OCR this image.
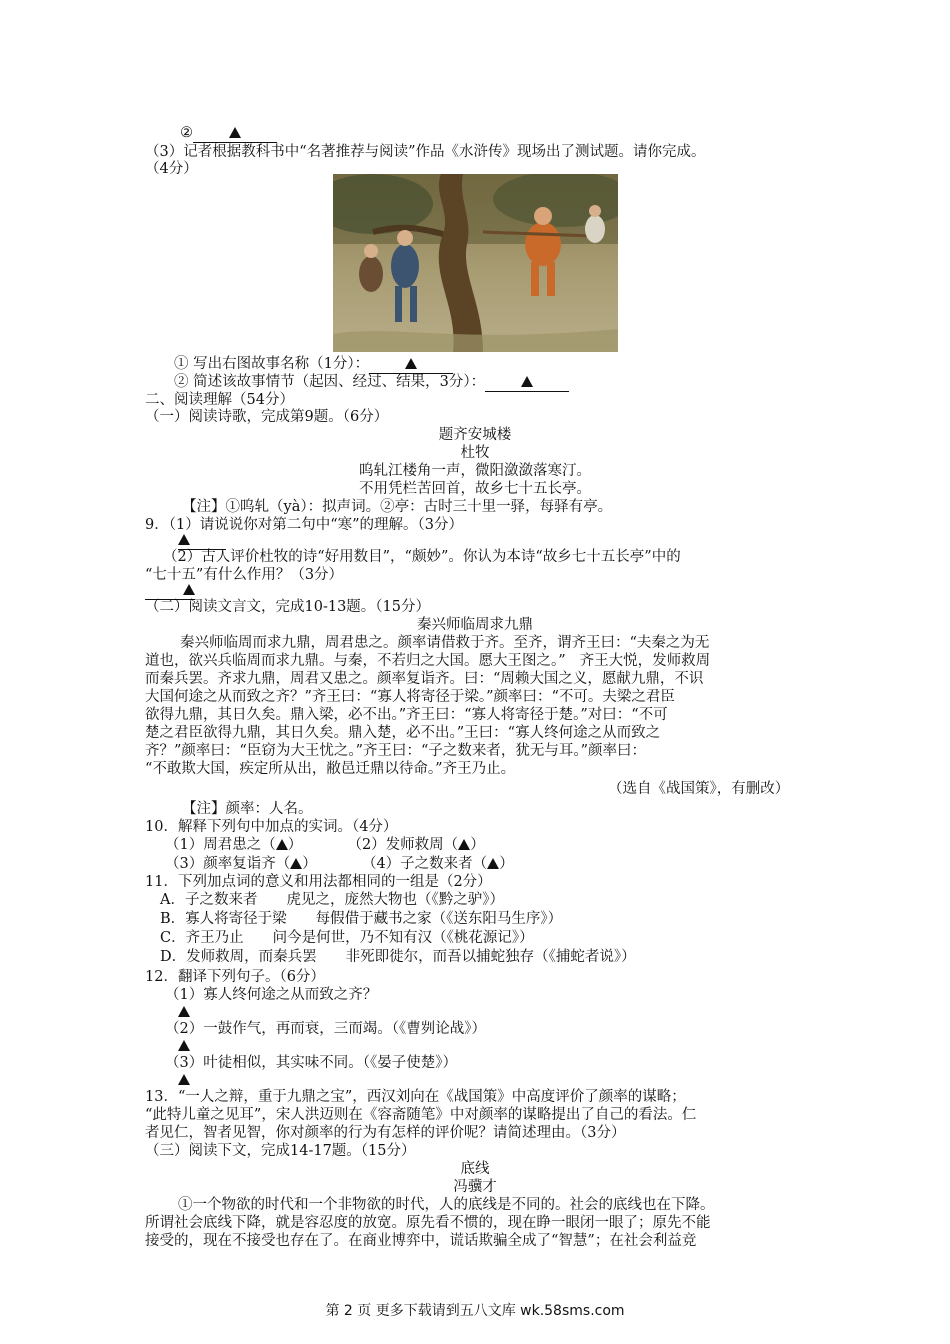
②
（3）记者根据教科书中“名著推荐与阅读”作品《水浒传》现场出了测试题。请你完成。
（4分）
① 写出右图故事名称（1分）：
② 简述该故事情节（起因、经过、结果，3分）：
二、阅读理解（54分）
（一）阅读诗歌，完成第9题。（6分）
题齐安城楼
杜牧
呜轧江楼角一声，微阳潋潋落寒汀。
不用凭栏苦回首，故乡七十五长亭。
【注】①呜轧（yà）：拟声词。②亭：古时三十里一驿，每驿有亭。
9．（1）请说说你对第二句中“寒”的理解。（3分）
（2）古人评价杜牧的诗“好用数目”，“颇妙”。你认为本诗“故乡七十五长亭”中的
“七十五”有什么作用？（3分）
（二）阅读文言文，完成10-13题。（15分）
秦兴师临周求九鼎
秦兴师临周而求九鼎，周君患之。颜率请借救于齐。至齐，谓齐王曰：“夫秦之为无
道也，欲兴兵临周而求九鼎。与秦，不若归之大国。愿大王图之。” 齐王大悦，发师救周
而秦兵罢。齐求九鼎，周君又患之。颜率复诣齐。曰：“周赖大国之义，愿献九鼎，不识
大国何途之从而致之齐？”齐王曰：“寡人将寄径于梁。”颜率曰：“不可。夫梁之君臣
欲得九鼎，其日久矣。鼎入梁，必不出。”齐王曰：“寡人将寄径于楚。”对曰：“不可
楚之君臣欲得九鼎，其日久矣。鼎入楚，必不出。”王曰：“寡人终何途之从而致之
齐？”颜率曰：“臣窃为大王忧之。”齐王曰：“子之数来者，犹无与耳。”颜率曰：
“不敢欺大国，疾定所从出，敝邑迁鼎以待命。”齐王乃止。
（选自《战国策》，有删改）
【注】颜率：人名。
10．解释下列句中加点的实词。（4分）
（1）周君患之（ ）	（2）发师救周（ ）
（3）颜率复诣齐（ ）	（4）子之数来者（ ）
11．下列加点词的意义和用法都相同的一组是（2分）
A．子之数来者　　虎见之，庞然大物也（《黔之驴》）
B．寡人将寄径于梁　　每假借于藏书之家（《送东阳马生序》）
C．齐王乃止　　问今是何世，乃不知有汉（《桃花源记》）
D．发师救周，而秦兵罢　　非死即徙尔，而吾以捕蛇独存（《捕蛇者说》）
12．翻译下列句子。（6分）
（1）寡人终何途之从而致之齐？
（2）一鼓作气，再而衰，三而竭。（《曹刿论战》）
（3）叶徒相似，其实味不同。（《晏子使楚》）
13．“一人之辩，重于九鼎之宝”，西汉刘向在《战国策》中高度评价了颜率的谋略；
“此特儿童之见耳”，宋人洪迈则在《容斋随笔》中对颜率的谋略提出了自己的看法。仁
者见仁，智者见智，你对颜率的行为有怎样的评价呢？请简述理由。（3分）
（三）阅读下文，完成14-17题。（15分）
底线
冯骥才
①一个物欲的时代和一个非物欲的时代，人的底线是不同的。社会的底线也在下降。
所谓社会底线下降，就是容忍度的放宽。原先看不惯的，现在睁一眼闭一眼了；原先不能
接受的，现在不接受也存在了。在商业博弈中，谎话欺骗全成了“智慧”；在社会利益竞
第 2 页 更多下载请到五八文库 wk.58sms.com
